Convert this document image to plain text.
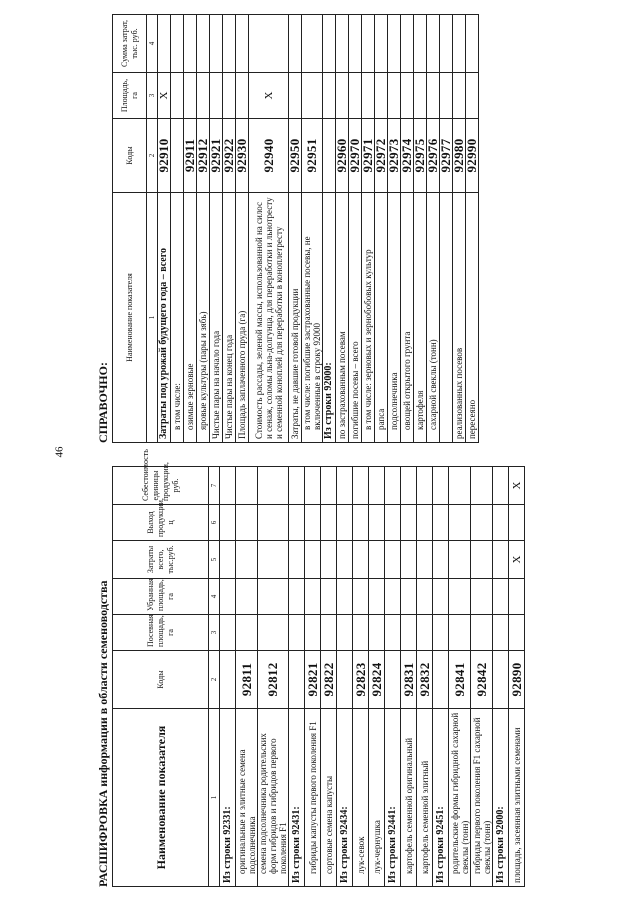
46
РАСШИФРОВКА информации в области семеноводства	Наименование показателя	Коды	Посевная площадь, га	Убранная площадь, га	Затраты всего, тыс.руб.	Выход продукции, ц	Себестоимость единицы продукции, руб.
1	2	3	4	5	6	7
Из строки 92331:						
оригинальные и элитные семена подсолнечника	92811					
семена подсолнечника родительских форм гибридов и гибридов первого поколения F1	92812					
Из строки 92431:						
гибриды капусты первого поколения F1	92821					
сортовые семена капусты	92822					
Из строки 92434:						
лук-севок	92823					
лук-чернушка	92824					
Из строки 92441:						
картофель семенной оригинальный	92831					
картофель семенной элитный	92832					
Из строки 92451:						
родительские формы гибридной сахарной свеклы (тонн)	92841					
гибриды первого поколения F1 сахарной свеклы (тонн)	92842					
Из строки 92000:						
площадь, засеянная элитными семенами	92890			X		X
СПРАВОЧНО:
Наименование показателя	Коды	Площадь, га	Сумма затрат, тыс. руб.
1	2	3	4
Затраты под урожай будущего года – всего	92910	X	
в том числе:			
озимые зерновые	92911		
яровые культуры (пары и зябь)	92912		
Чистые пары на начало года	92921		
Чистые пары на конец года	92922		
Площадь заплаченного пруда (га)	92930		
Стоимость рассады, зеленой массы, использованной на силос и сенаж, соломы льна-долгунца, для переработки и льнотресту и семенной коноплей для переработки в коноплетресту	92940	X	
Затраты, не давшие готовой продукции	92950		
в том числе: погибшие застрахованные посевы, не включенные в строку 92000	92951		
Из строки 92000:			
по застрахованным посевам	92960		
погибшие посевы – всего	92970		
в том числе: зерновых и зернобобовых культур	92971		
рапса	92972		
подсолнечника	92973		
овощей открытого грунта	92974		
картофеля	92975		
сахарной свеклы (тонн)	92976		
	92977		
реализованных посевов	92980		
пересеяно	92990		
